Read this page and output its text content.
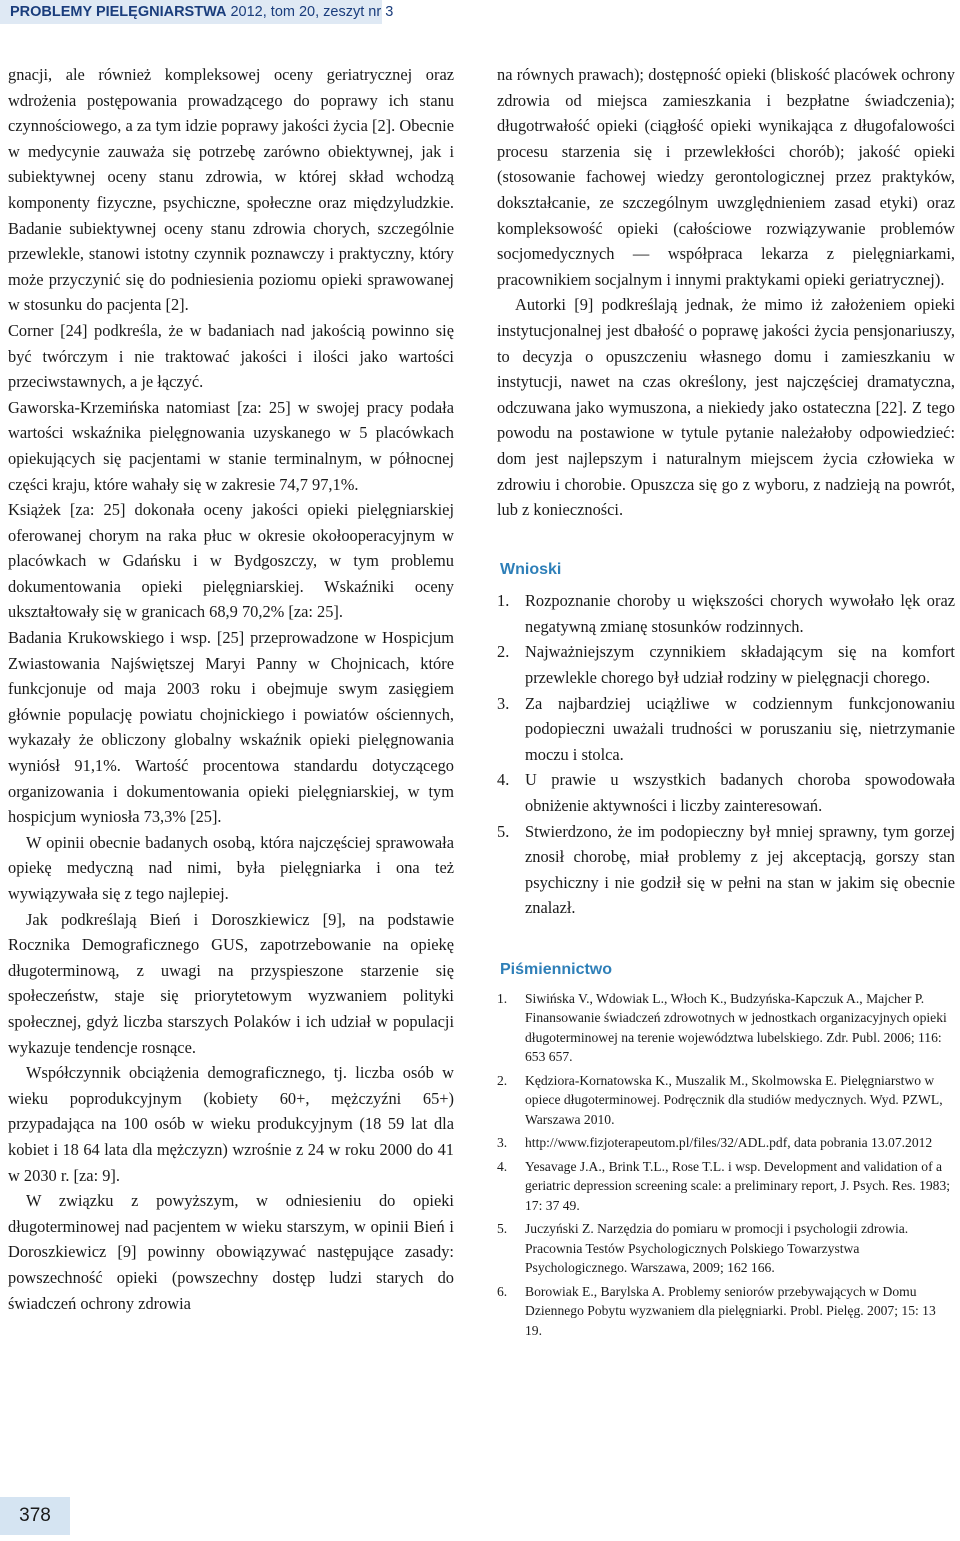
PROBLEMY PIELĘGNIARSTWA 2012, tom 20, zeszyt nr 3

gnacji, ale również kompleksowej oceny geriatrycznej oraz wdrożenia postępowania prowadzącego do poprawy ich stanu czynnościowego, a za tym idzie poprawy jakości życia [2]. Obecnie w medycynie zauważa się potrzebę zarówno obiektywnej, jak i subiektywnej oceny stanu zdrowia, w której skład wchodzą komponenty fizyczne, psychiczne, społeczne oraz międzyludzkie. Badanie subiektywnej oceny stanu zdrowia chorych, szczególnie przewlekle, stanowi istotny czynnik poznawczy i praktyczny, który może przyczynić się do podniesienia poziomu opieki sprawowanej w stosunku do pacjenta [2].

Corner [24] podkreśla, że w badaniach nad jakością powinno się być twórczym i nie traktować jakości i ilości jako wartości przeciwstawnych, a je łączyć.

Gaworska-Krzemińska natomiast [za: 25] w swojej pracy podała wartości wskaźnika pielęgnowania uzyskanego w 5 placówkach opiekujących się pacjentami w stanie terminalnym, w północnej części kraju, które wahały się w zakresie 74,7 97,1%.

Książek [za: 25] dokonała oceny jakości opieki pielęgniarskiej oferowanej chorym na raka płuc w okresie okołooperacyjnym w placówkach w Gdańsku i w Bydgoszczy, w tym problemu dokumentowania opieki pielęgniarskiej. Wskaźniki oceny ukształtowały się w granicach 68,9 70,2% [za: 25].

Badania Krukowskiego i wsp. [25] przeprowadzone w Hospicjum Zwiastowania Najświętszej Maryi Panny w Chojnicach, które funkcjonuje od maja 2003 roku i obejmuje swym zasięgiem głównie populację powiatu chojnickiego i powiatów ościennych, wykazały że obliczony globalny wskaźnik opieki pielęgnowania wyniósł 91,1%. Wartość procentowa standardu dotyczącego organizowania i dokumentowania opieki pielęgniarskiej, w tym hospicjum wyniosła 73,3% [25].

W opinii obecnie badanych osobą, która najczęściej sprawowała opiekę medyczną nad nimi, była pielęgniarka i ona też wywiązywała się z tego najlepiej.

Jak podkreślają Bień i Doroszkiewicz [9], na podstawie Rocznika Demograficznego GUS, zapotrzebowanie na opiekę długoterminową, z uwagi na przyspieszone starzenie się społeczeństw, staje się priorytetowym wyzwaniem polityki społecznej, gdyż liczba starszych Polaków i ich udział w populacji wykazuje tendencje rosnące.

Współczynnik obciążenia demograficznego, tj. liczba osób w wieku poprodukcyjnym (kobiety 60+, mężczyźni 65+) przypadająca na 100 osób w wieku produkcyjnym (18 59 lat dla kobiet i 18 64 lata dla mężczyzn) wzrośnie z 24 w roku 2000 do 41 w 2030 r. [za: 9].

W związku z powyższym, w odniesieniu do opieki długoterminowej nad pacjentem w wieku starszym, w opinii Bień i Doroszkiewicz [9] powinny obowiązywać następujące zasady: powszechność opieki (powszechny dostęp ludzi starych do świadczeń ochrony zdrowia

na równych prawach); dostępność opieki (bliskość placówek ochrony zdrowia od miejsca zamieszkania i bezpłatne świadczenia); długotrwałość opieki (ciągłość opieki wynikająca z długofalowości procesu starzenia się i przewlekłości chorób); jakość opieki (stosowanie fachowej wiedzy gerontologicznej przez praktyków, dokształcanie, ze szczególnym uwzględnieniem zasad etyki) oraz kompleksowość opieki (całościowe rozwiązywanie problemów socjomedycznych — współpraca lekarza z pielęgniarkami, pracownikiem socjalnym i innymi praktykami opieki geriatrycznej).

Autorki [9] podkreślają jednak, że mimo iż założeniem opieki instytucjonalnej jest dbałość o poprawę jakości życia pensjonariuszy, to decyzja o opuszczeniu własnego domu i zamieszkaniu w instytucji, nawet na czas określony, jest najczęściej dramatyczna, odczuwana jako wymuszona, a niekiedy jako ostateczna [22]. Z tego powodu na postawione w tytule pytanie należałoby odpowiedzieć: dom jest najlepszym i naturalnym miejscem życia człowieka w zdrowiu i chorobie. Opuszcza się go z wyboru, z nadzieją na powrót, lub z konieczności.

Wnioski
1. Rozpoznanie choroby u większości chorych wywołało lęk oraz negatywną zmianę stosunków rodzinnych.
2. Najważniejszym czynnikiem składającym się na komfort przewlekle chorego był udział rodziny w pielęgnacji chorego.
3. Za najbardziej uciążliwe w codziennym funkcjonowaniu podopieczni uważali trudności w poruszaniu się, nietrzymanie moczu i stolca.
4. U prawie u wszystkich badanych choroba spowodowała obniżenie aktywności i liczby zainteresowań.
5. Stwierdzono, że im podopieczny był mniej sprawny, tym gorzej znosił chorobę, miał problemy z jej akceptacją, gorszy stan psychiczny i nie godził się w pełni na stan w jakim się obecnie znalazł.
Piśmiennictwo
1. Siwińska V., Wdowiak L., Włoch K., Budzyńska-Kapczuk A., Majcher P. Finansowanie świadczeń zdrowotnych w jednostkach organizacyjnych opieki długoterminowej na terenie województwa lubelskiego. Zdr. Publ. 2006; 116: 653 657.
2. Kędziora-Kornatowska K., Muszalik M., Skolmowska E. Pielęgniarstwo w opiece długoterminowej. Podręcznik dla studiów medycznych. Wyd. PZWL, Warszawa 2010.
3. http://www.fizjoterapeutom.pl/files/32/ADL.pdf, data pobrania 13.07.2012
4. Yesavage J.A., Brink T.L., Rose T.L. i wsp. Development and validation of a geriatric depression screening scale: a preliminary report, J. Psych. Res. 1983; 17: 37 49.
5. Juczyński Z. Narzędzia do pomiaru w promocji i psychologii zdrowia. Pracownia Testów Psychologicznych Polskiego Towarzystwa Psychologicznego. Warszawa, 2009; 162 166.
6. Borowiak E., Barylska A. Problemy seniorów przebywających w Domu Dziennego Pobytu wyzwaniem dla pielęgniarki. Probl. Pielęg. 2007; 15: 13 19.
378
